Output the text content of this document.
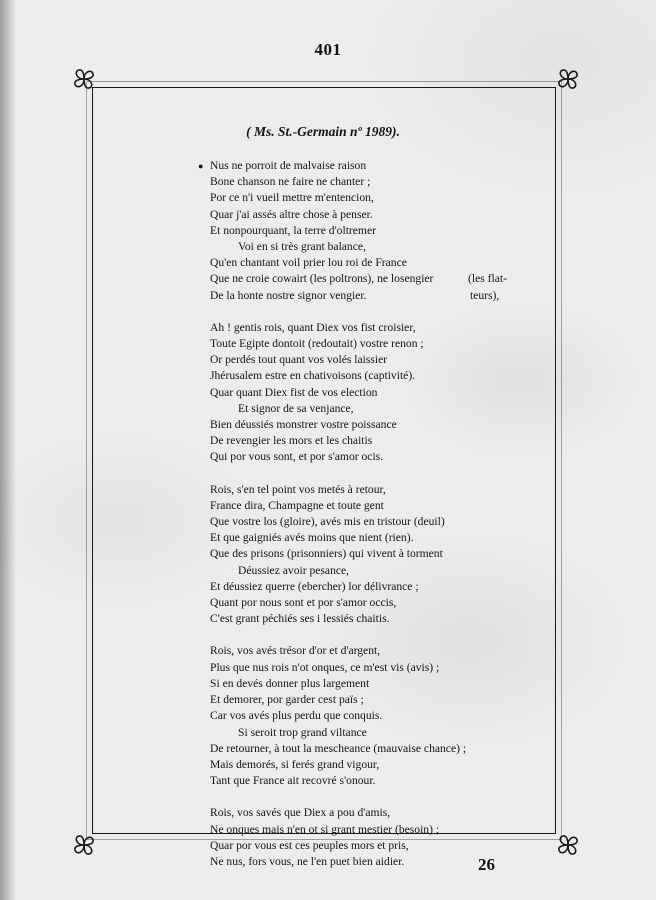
401
( Ms. St.-Germain nº 1989).
● Nus ne porroit de malvaise raison
Bone chanson ne faire ne chanter ;
Por ce n'i vueil mettre m'entencion,
Quar j'ai assés altre chose à penser.
Et nonpourquant, la terre d'oltremer
Voi en si très grant balance,
Qu'en chantant voil prier lou roi de France
Que ne croie cowairt (les poltrons), ne losengier	(les flat-
De la honte nostre signor vengier.	teurs),
Ah ! gentis rois, quant Diex vos fist croisier,
Toute Egipte dontoit (redoutait) vostre renon ;
Or perdés tout quant vos volés laissier
Jhérusalem estre en chativoisons (captivité).
Quar quant Diex fist de vos election
Et signor de sa venjance,
Bien déussiés monstrer vostre poissance
De revengier les mors et les chaitis
Qui por vous sont, et por s'amor ocis.
Rois, s'en tel point vos metés à retour,
France dira, Champagne et toute gent
Que vostre los (gloire), avés mis en tristour (deuil)
Et que gaigniés avés moins que nient (rien).
Que des prisons (prisonniers) qui vivent à torment
Déussiez avoir pesance,
Et déussiez querre (ebercher) lor délivrance ;
Quant por nous sont et por s'amor occis,
C'est grant péchiés ses i lessiés chaitis.
Rois, vos avés trésor d'or et d'argent,
Plus que nus rois n'ot onques, ce m'est vis (avis) ;
Si en devés donner plus largement
Et demorer, por garder cest païs ;
Car vos avés plus perdu que conquis.
Si seroit trop grand viltance
De retourner, à tout la mescheance (mauvaise chance) ;
Mais demorés, si ferés grand vigour,
Tant que France ait recovré s'onour.
Rois, vos savés que Diex a pou d'amis,
Ne onques mais n'en ot si grant mestier (besoin) ;
Quar por vous est ces peuples mors et pris,
Ne nus, fors vous, ne l'en puet bien aidier.	26
